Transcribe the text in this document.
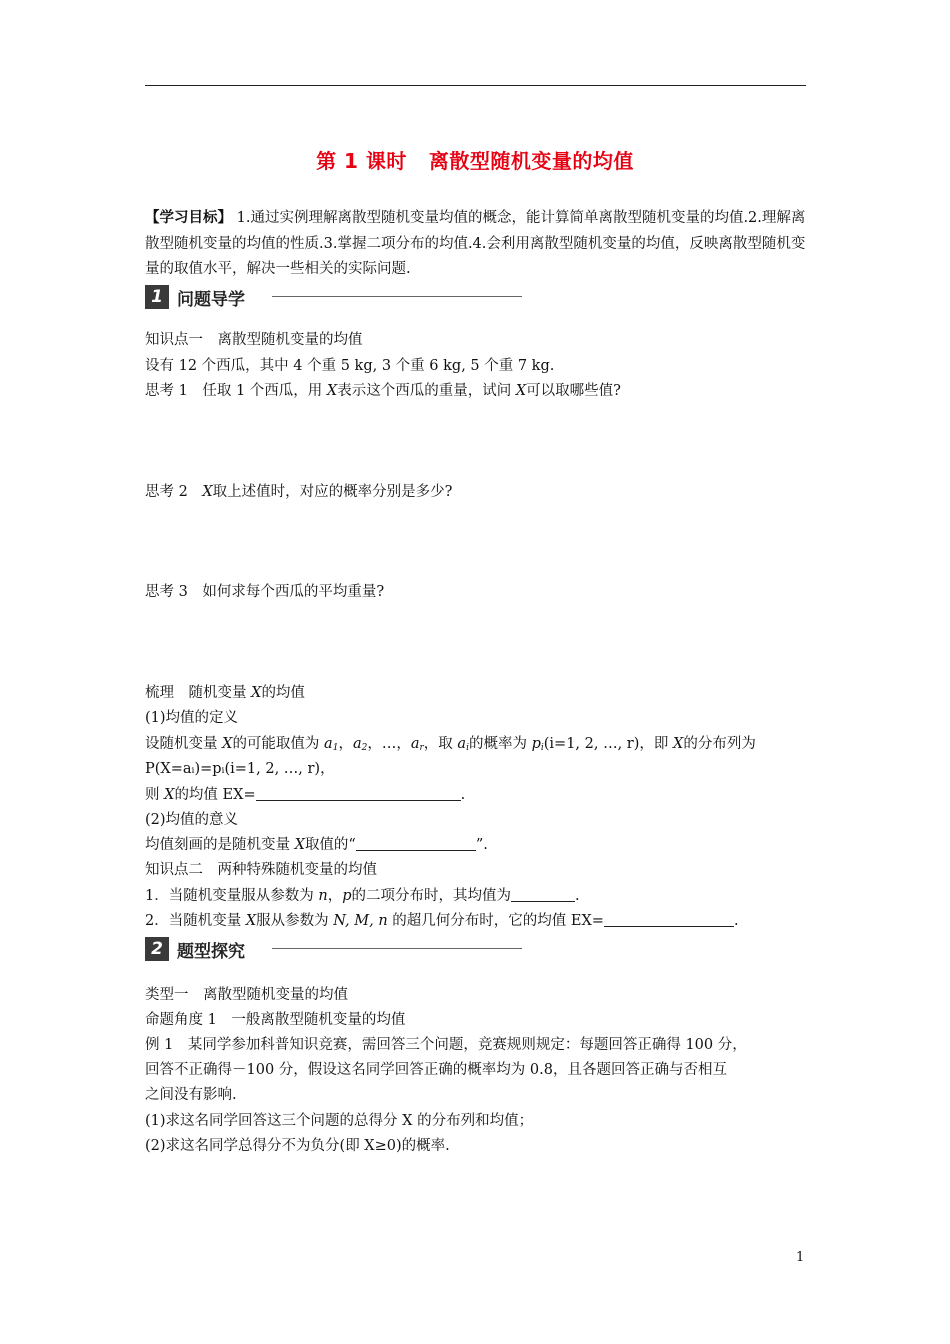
第 1 课时 离散型随机变量的均值
【学习目标】 1.通过实例理解离散型随机变量均值的概念，能计算简单离散型随机变量的均值.2.理解离散型随机变量的均值的性质.3.掌握二项分布的均值.4.会利用离散型随机变量的均值，反映离散型随机变量的取值水平，解决一些相关的实际问题.
1 问题导学
知识点一　离散型随机变量的均值
设有 12 个西瓜，其中 4 个重 5 kg, 3 个重 6 kg, 5 个重 7 kg.
思考 1　任取 1 个西瓜，用 X表示这个西瓜的重量，试问 X可以取哪些值?
思考 2　X取上述值时，对应的概率分别是多少?
思考 3　如何求每个西瓜的平均重量?
梳理　随机变量 X的均值
(1)均值的定义
设随机变量 X的可能取值为 $a_1$，$a_2$，…，$a_r$，取 $a_i$的概率为 $p_i(i=1$, 2, …, r)，即 X的分布列为
P(X=aᵢ)=pᵢ(i=1, 2, …, r)，
则 X的均值 EX=	.
(2)均值的意义
均值刻画的是随机变量 X取值的“	”.
知识点二　两种特殊随机变量的均值
1．当随机变量服从参数为 n，p的二项分布时，其均值为	.
2．当随机变量 X服从参数为 N, M, n 的超几何分布时，它的均值 EX=	.
2 题型探究
类型一　离散型随机变量的均值
命题角度 1　一般离散型随机变量的均值
例 1　某同学参加科普知识竞赛，需回答三个问题，竞赛规则规定：每题回答正确得 100 分，
回答不正确得－100 分，假设这名同学回答正确的概率均为 0.8，且各题回答正确与否相互
之间没有影响.
(1)求这名同学回答这三个问题的总得分 X 的分布列和均值；
(2)求这名同学总得分不为负分(即 X≥0)的概率.
1
